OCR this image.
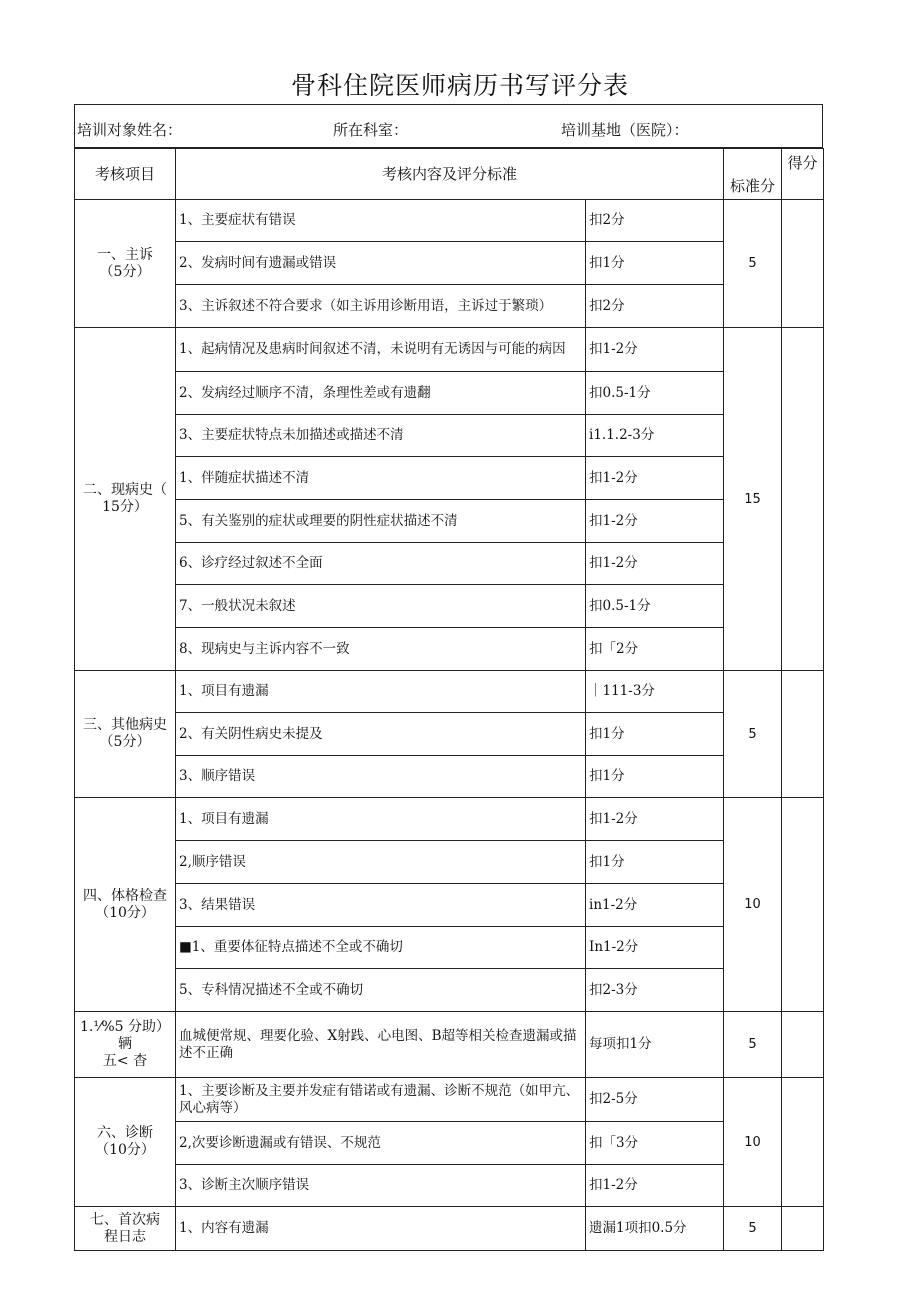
骨科住院医师病历书写评分表
培训对象姓名：	所在科室：	培训基地（医院）：
考核项目	考核内容及评分标准		标准分	得分
一、主诉
（5分）	1、主要症状有错误	扣2分	5	
	2、发病时间有遗漏或错误	扣1分		
	3、主诉叙述不符合要求（如主诉用诊断用语，主诉过于繁琐）	扣2分		
二、现病史（
15分）	1、起病情况及患病时间叙述不清，未说明有无诱因与可能的病因	扣1-2分	15	
	2、发病经过顺序不清，条理性差或有遗翻	扣0.5-1分		
	3、主要症状特点未加描述或描述不清	i1.1.2-3分		
	1、伴随症状描述不清	扣1-2分		
	5、有关鉴别的症状或理要的阴性症状描述不清	扣1-2分		
	6、诊疗经过叙述不全面	扣1-2分		
	7、一般状况未叙述	扣0.5-1分		
	8、现病史与主诉内容不一致	扣「2分		
三、其他病史
（5分）	1、项目有遗漏	｜111-3分	5	
	2、有关阴性病史未提及	扣1分		
	3、顺序错误	扣1分		
四、体格检查
（10分）	1、项目有遗漏	扣1-2分	10	
	2,顺序错误	扣1分		
	3、结果错误	in1-2分		
	■1、重要体征特点描述不全或不确切	In1-2分		
	5、专科情况描述不全或不确切	扣2-3分		
1.⅟%5 分助）辆
五< 杳	血城便常规、理要化验、X射践、心电图、B超等相关检查遗漏或描述不正确	每项扣1分	5	
六、诊断
（10分）	1、主要诊断及主要并发症有错诺或有遗漏、诊断不规范（如甲亢、风心病等）	扣2-5分	10	
	2,次要诊断遗漏或有错误、不规范	扣「3分		
	3、诊断主次顺序错误	扣1-2分		
七、首次病
程日志	1、内容有遗漏	遗漏1项扣0.5分	5	
